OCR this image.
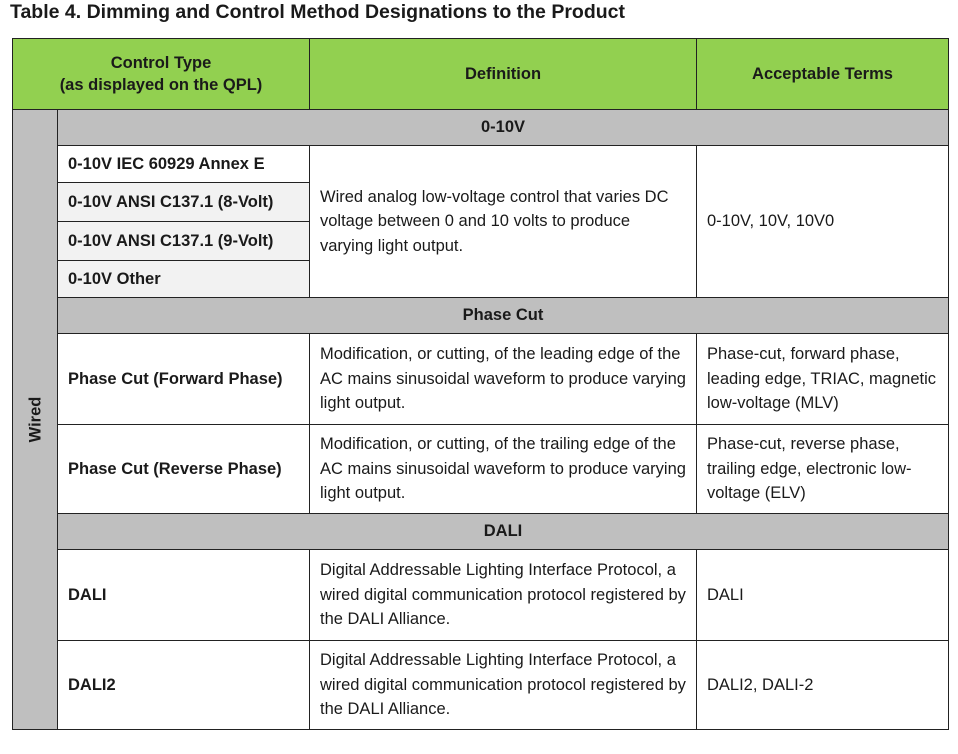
Table 4. Dimming and Control Method Designations to the Product
Control Type
(as displayed on the QPL)		Definition	Acceptable Terms
Wired	0-10V		
	0-10V IEC 60929 Annex E	Wired analog low-voltage control that varies DC voltage between 0 and 10 volts to produce varying light output.	0-10V, 10V, 10V0
	0-10V ANSI C137.1 (8-Volt)		
	0-10V ANSI C137.1 (9-Volt)		
	0-10V Other		
	Phase Cut		
	Phase Cut (Forward Phase)	Modification, or cutting, of the leading edge of the AC mains sinusoidal waveform to produce varying light output.	Phase-cut, forward phase, leading edge, TRIAC, magnetic low-voltage (MLV)
	Phase Cut (Reverse Phase)	Modification, or cutting, of the trailing edge of the AC mains sinusoidal waveform to produce varying light output.	Phase-cut, reverse phase, trailing edge, electronic low-voltage (ELV)
	DALI		
	DALI	Digital Addressable Lighting Interface Protocol, a wired digital communication protocol registered by the DALI Alliance.	DALI
	DALI2	Digital Addressable Lighting Interface Protocol, a wired digital communication protocol registered by the DALI Alliance.	DALI2, DALI-2
